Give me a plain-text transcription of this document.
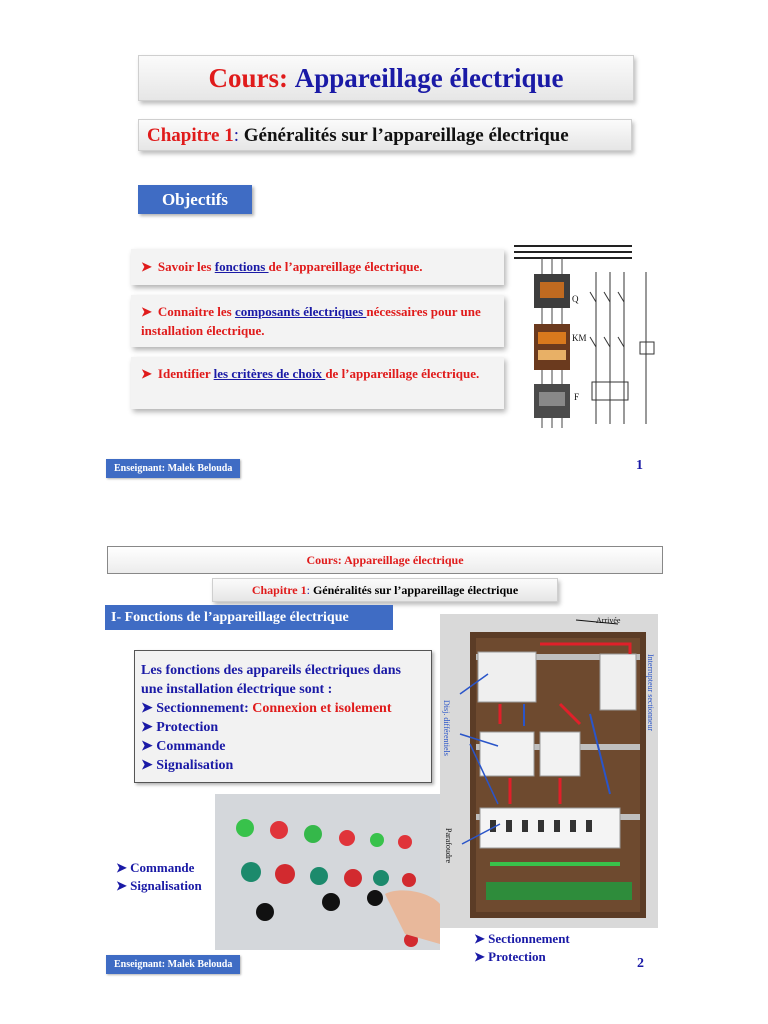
Cours: Appareillage électrique
Chapitre 1: Généralités sur l’appareillage électrique
Objectifs
➤ Savoir les fonctions de l’appareillage électrique.
➤ Connaitre les composants électriques nécessaires pour une installation électrique.
➤ Identifier les critères de choix de l’appareillage électrique.
Q
KM
F
Enseignant: Malek Belouda	1
Cours: Appareillage électrique
Chapitre 1: Généralités sur l’appareillage électrique
I- Fonctions de l’appareillage électrique
Les fonctions des appareils électriques dans une installation électrique sont :
➤ Sectionnement: Connexion et isolement
➤ Protection
➤ Commande
➤ Signalisation
Arrivée
Interrupteur sectionneur
Disj. différentiels
Parafoudre
➤ Commande
➤ Signalisation
➤ Sectionnement
➤ Protection
Enseignant: Malek Belouda	2
